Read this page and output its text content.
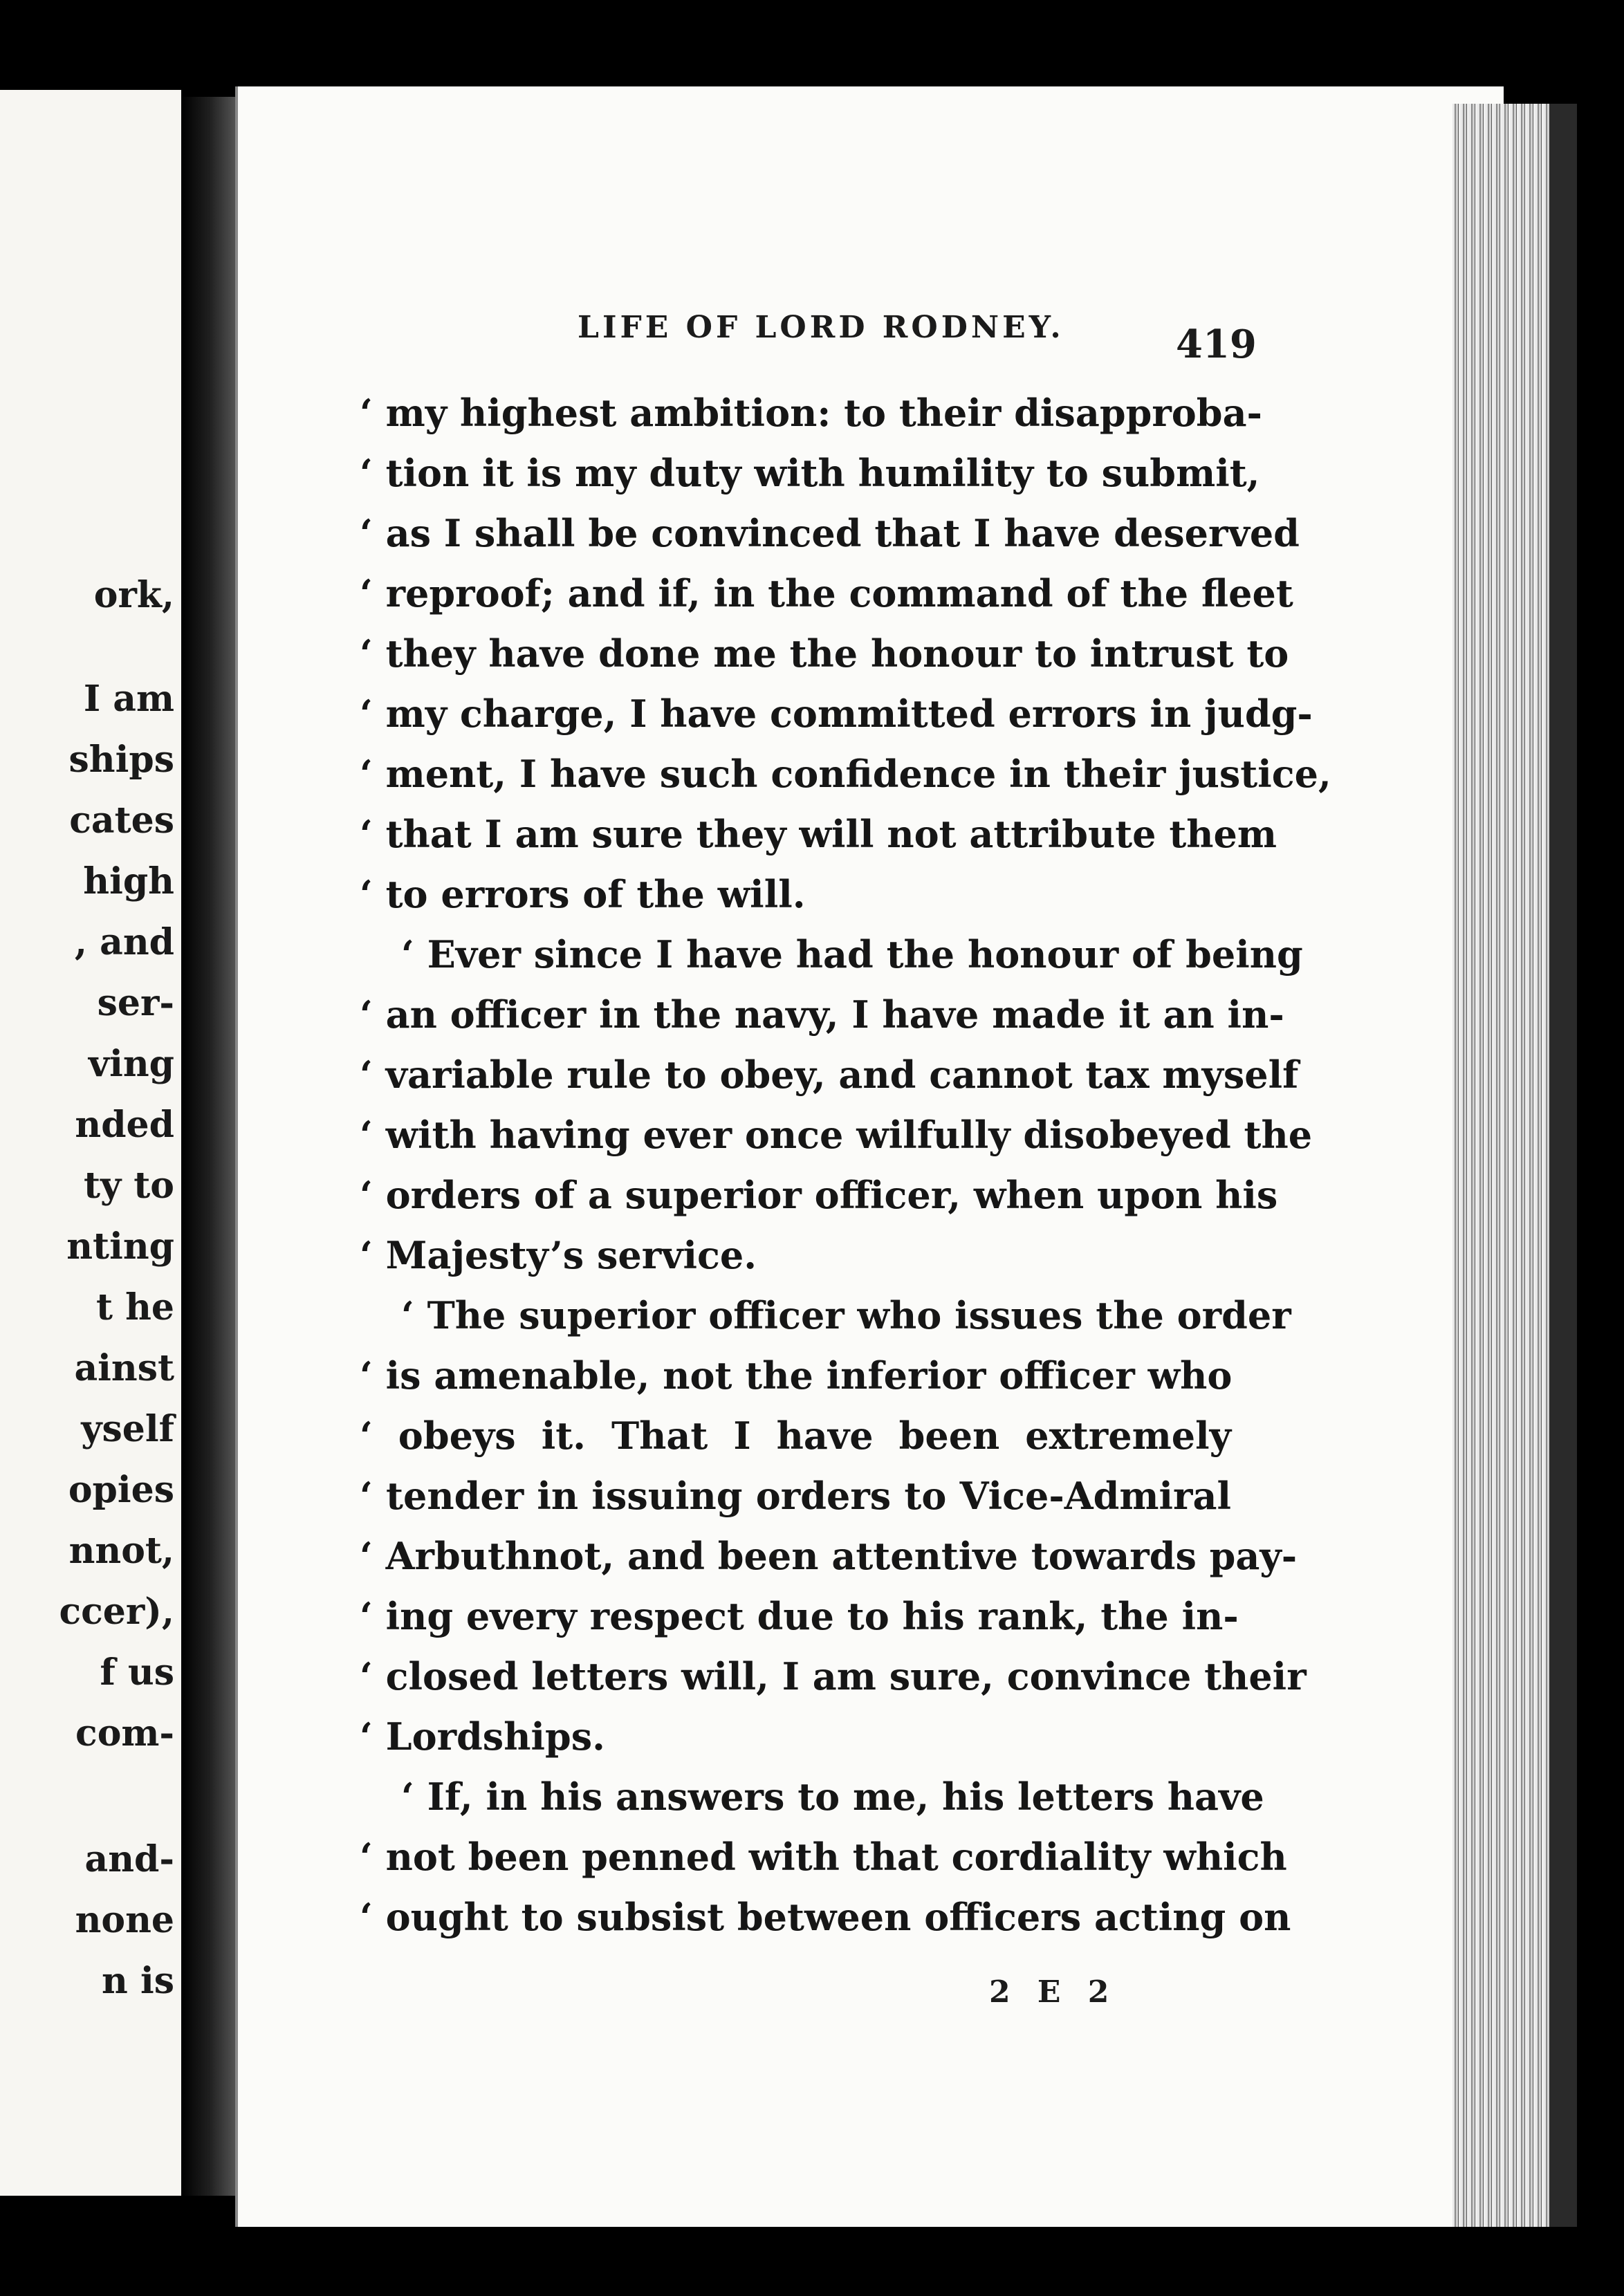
ork,
I am
ships
cates
high
, and
ser-
ving
nded
ty to
nting
t he
ainst
yself
opies
nnot,
ccer),
f us
com-
and-
none
n is
LIFE OF LORD RODNEY.	419
‘ my highest ambition: to their disapproba-
‘ tion it is my duty with humility to submit,
‘ as I shall be convinced that I have deserved
‘ reproof; and if, in the command of the fleet
‘ they have done me the honour to intrust to
‘ my charge, I have committed errors in judg-
‘ ment, I have such confidence in their justice,
‘ that I am sure they will not attribute them
‘ to errors of the will.
‘ Ever since I have had the honour of being
‘ an officer in the navy, I have made it an in-
‘ variable rule to obey, and cannot tax myself
‘ with having ever once wilfully disobeyed the
‘ orders of a superior officer, when upon his
‘ Majesty’s service.
‘ The superior officer who issues the order
‘ is amenable, not the inferior officer who
‘ obeys it. That I have been extremely
‘ tender in issuing orders to Vice-Admiral
‘ Arbuthnot, and been attentive towards pay-
‘ ing every respect due to his rank, the in-
‘ closed letters will, I am sure, convince their
‘ Lordships.
‘ If, in his answers to me, his letters have
‘ not been penned with that cordiality which
‘ ought to subsist between officers acting on
2 E 2
